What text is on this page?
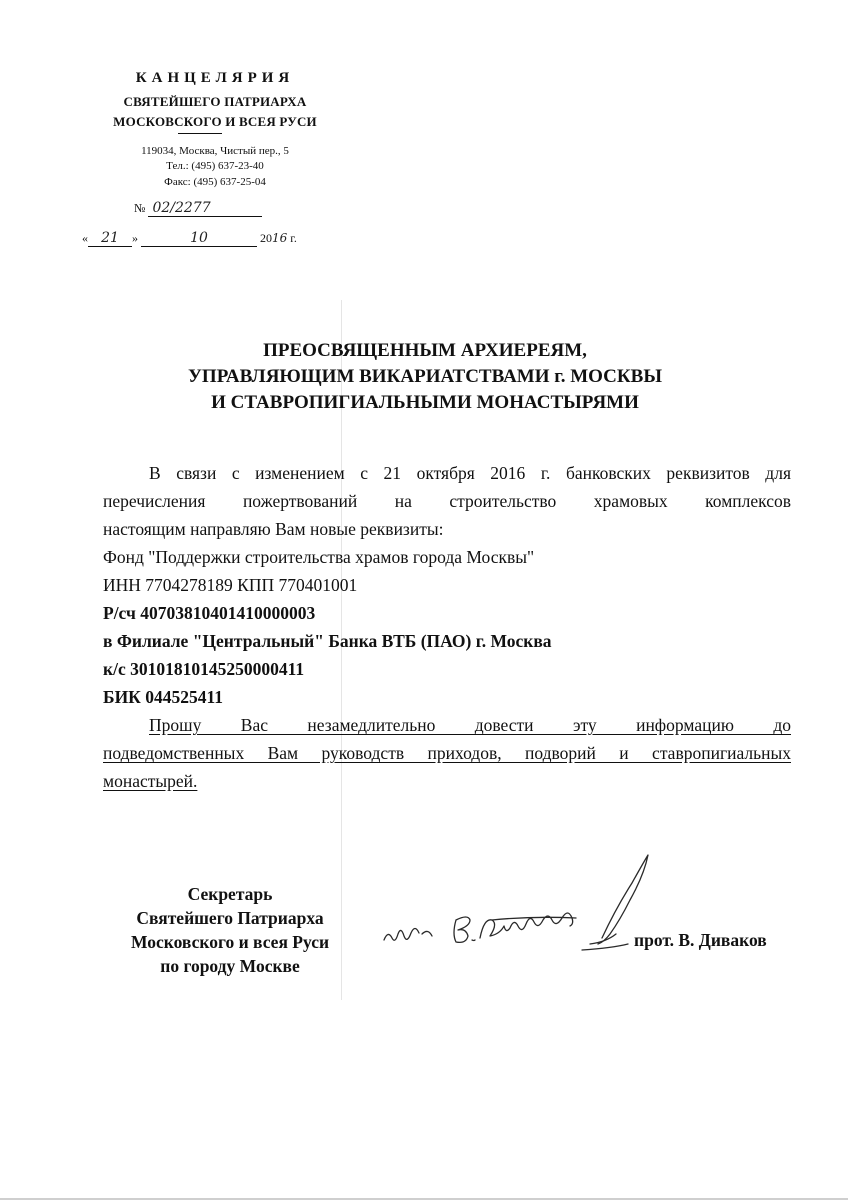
КАНЦЕЛЯРИЯ
СВЯТЕЙШЕГО ПАТРИАРХА
МОСКОВСКОГО И ВСЕЯ РУСИ
119034, Москва, Чистый пер., 5
Тел.: (495) 637-23-40
Факс: (495) 637-25-04
№ 02/2277
« 21 »	10	2016 г.
ПРЕОСВЯЩЕННЫМ АРХИЕРЕЯМ,
УПРАВЛЯЮЩИМ ВИКАРИАТСТВАМИ г. МОСКВЫ
И СТАВРОПИГИАЛЬНЫМИ МОНАСТЫРЯМИ

В связи с изменением с 21 октября 2016 г. банковских реквизитов для

перечисления пожертвований на строительство храмовых комплексов

настоящим направляю Вам новые реквизиты:

Фонд "Поддержки строительства храмов города Москвы"

ИНН 7704278189 КПП 770401001

Р/сч 40703810401410000003

в Филиале "Центральный" Банка ВТБ (ПАО) г. Москва

к/с 30101810145250000411

БИК 044525411

Прошу Вас незамедлительно довести эту информацию до

подведомственных Вам руководств приходов, подворий и ставропигиальных

монастырей.

Секретарь
Святейшего Патриарха
Московского и всея Руси
по городу Москве
прот. В. Диваков
